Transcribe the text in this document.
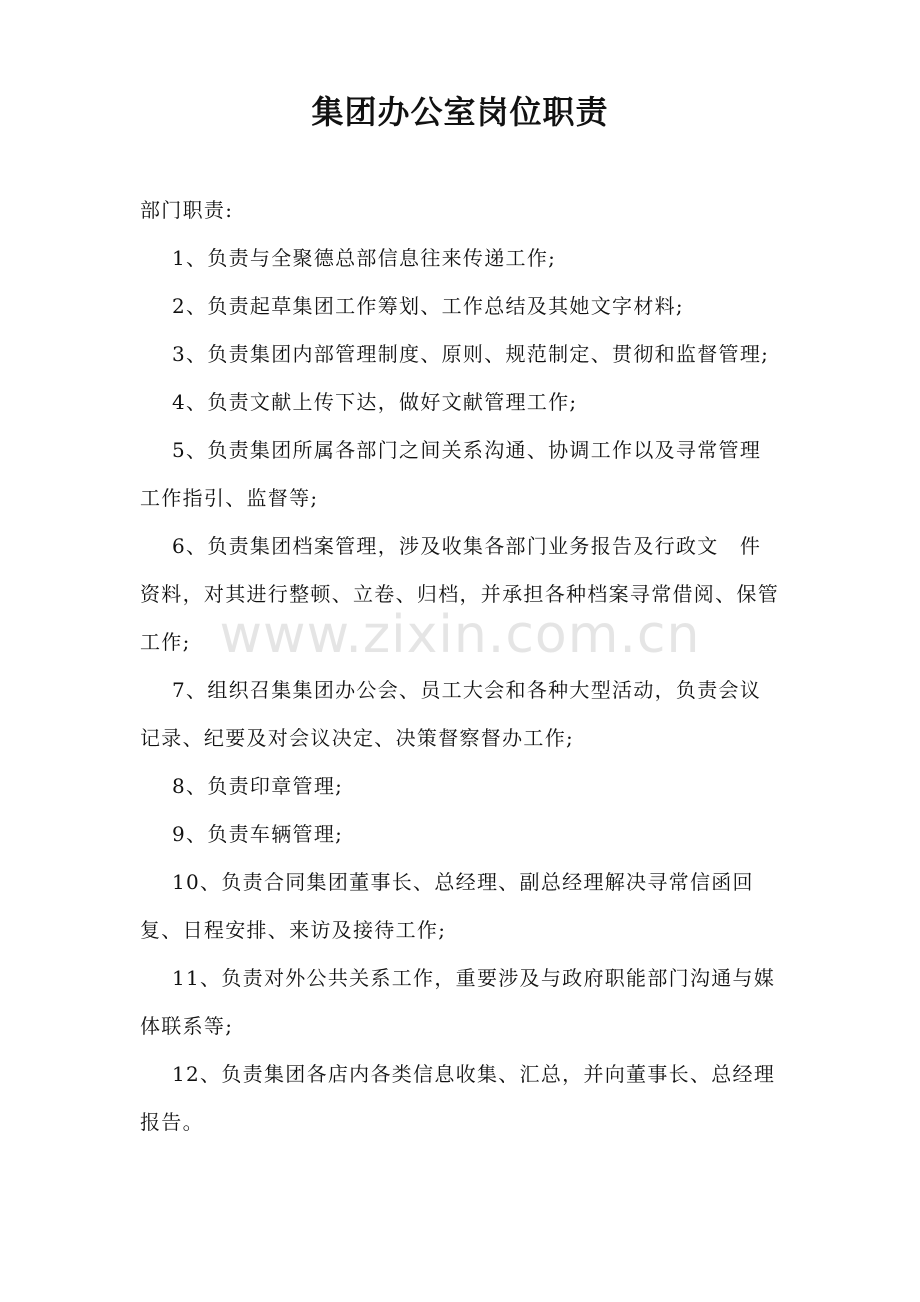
集团办公室岗位职责

部门职责:

1、负责与全聚德总部信息往来传递工作;

2、负责起草集团工作筹划、工作总结及其她文字材料;

3、负责集团内部管理制度、原则、规范制定、贯彻和监督管理;

4、负责文献上传下达，做好文献管理工作;

5、负责集团所属各部门之间关系沟通、协调工作以及寻常管理工作指引、监督等;

6、负责集团档案管理，涉及收集各部门业务报告及行政文　件资料，对其进行整顿、立卷、归档，并承担各种档案寻常借阅、保管工作;

7、组织召集集团办公会、员工大会和各种大型活动，负责会议记录、纪要及对会议决定、决策督察督办工作;

8、负责印章管理;

9、负责车辆管理;

10、负责合同集团董事长、总经理、副总经理解决寻常信函回复、日程安排、来访及接待工作;

11、负责对外公共关系工作，重要涉及与政府职能部门沟通与媒体联系等;

12、负责集团各店内各类信息收集、汇总，并向董事长、总经理报告。

www.zixin.com.cn
